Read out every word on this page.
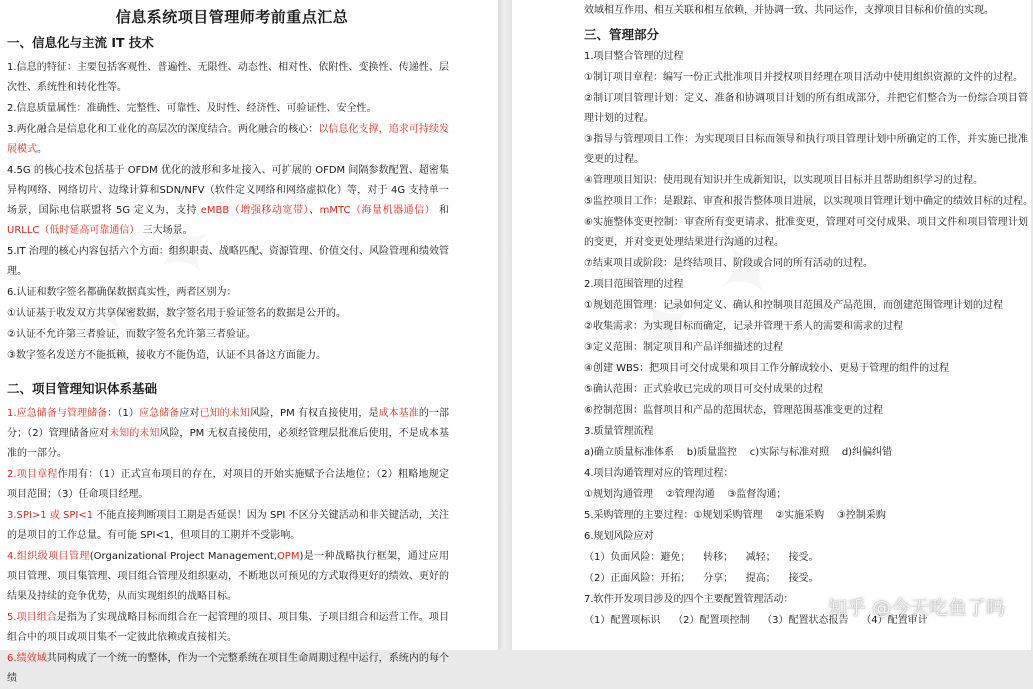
信息系统项目管理师考前重点汇总
一、信息化与主流 IT 技术
1.信息的特征：主要包括客观性、普遍性、无限性、动态性、相对性、依附性、变换性、传递性、层次性、系统性和转化性等。
2.信息质量属性：准确性、完整性、可靠性、及时性、经济性、可验证性、安全性。
3.两化融合是信息化和工业化的高层次的深度结合。两化融合的核心：以信息化支撑，追求可持续发展模式。
4.5G 的核心技术包括基于 OFDM 优化的波形和多址接入、可扩展的 OFDM 间隔参数配置、超密集异构网络、网络切片、边缘计算和SDN/NFV（软件定义网络和网络虚拟化）等，对于 4G 支持单一场景，国际电信联盟将 5G 定义为，支持 eMBB（增强移动宽带）、mMTC（海量机器通信） 和 URLLC（低时延高可靠通信） 三大场景。
5.IT 治理的核心内容包括六个方面：组织职责、战略匹配、资源管理、价值交付、风险管理和绩效管理。
6.认证和数字签名都确保数据真实性，两者区别为：
①认证基于收发双方共享保密数据，数字签名用于验证签名的数据是公开的。
②认证不允许第三者验证，而数字签名允许第三者验证。
③数字签名发送方不能抵赖，接收方不能伪造，认证不具备这方面能力。
二、项目管理知识体系基础
1.应急储备与管理储备：（1）应急储备应对已知的未知风险，PM 有权直接使用，是成本基准的一部分；（2）管理储备应对未知的未知风险，PM 无权直接使用，必须经管理层批准后使用，不是成本基准的一部分。
2.项目章程作用有：（1）正式宣布项目的存在，对项目的开始实施赋予合法地位；（2）粗略地规定项目范围；（3）任命项目经理。
3.SPI>1 或 SPI<1 不能直接判断项目工期是否延误！因为 SPI 不区分关键活动和非关键活动，关注的是项目的工作总量。有可能 SPI<1，但项目的工期并不受影响。
4.组织级项目管理(Organizational Project Management,OPM)是一种战略执行框架，通过应用项目管理、项目集管理、项目组合管理及组织驱动，不断地以可预见的方式取得更好的绩效、更好的结果及持续的竞争优势，从而实现组织的战略目标。
5.项目组合是指为了实现战略目标而组合在一起管理的项目、项目集、子项目组合和运营工作。项目组合中的项目或项目集不一定彼此依赖或直接相关。
6.绩效域共同构成了一个统一的整体，作为一个完整系统在项目生命周期过程中运行，系统内的每个绩
效域相互作用、相互关联和相互依赖，并协调一致、共同运作，支撑项目目标和价值的实现。
三、管理部分
1.项目整合管理的过程
①制订项目章程：编写一份正式批准项目并授权项目经理在项目活动中使用组织资源的文件的过程。
②制订项目管理计划：定义、准备和协调项目计划的所有组成部分，并把它们整合为一份综合项目管理计划的过程。
③指导与管理项目工作：为实现项目目标而领导和执行项目管理计划中所确定的工作，并实施已批准变更的过程。
④管理项目知识：使用现有知识并生成新知识，以实现项目目标并且帮助组织学习的过程。
⑤监控项目工作：是跟踪、审查和报告整体项目进展，以实现项目管理计划中确定的绩效目标的过程。
⑥实施整体变更控制：审查所有变更请求、批准变更，管理对可交付成果、项目文件和项目管理计划的变更，并对变更处理结果进行沟通的过程。
⑦结束项目或阶段：是终结项目、阶段或合同的所有活动的过程。
2.项目范围管理的过程
①规划范围管理：记录如何定义、确认和控制项目范围及产品范围，而创建范围管理计划的过程
②收集需求：为实现目标而确定，记录并管理干系人的需要和需求的过程
③定义范围：制定项目和产品详细描述的过程
④创建 WBS：把项目可交付成果和项目工作分解成较小、更易于管理的组件的过程
⑤确认范围：正式验收已完成的项目可交付成果的过程
⑥控制范围：监督项目和产品的范围状态，管理范围基准变更的过程
3.质量管理流程
a)确立质量标准体系    b)质量监控    c)实际与标准对照    d)纠偏纠错
4.项目沟通管理对应的管理过程：
①规划沟通管理    ②管理沟通    ③监督沟通；
5.采购管理的主要过程：①规划采购管理    ②实施采购    ③控制采购
6.规划风险应对
（1）负面风险：避免；    转移；    减轻；    接受。
（2）正面风险：开拓；    分享；    提高；    接受。
7.软件开发项目涉及的四个主要配置管理活动：
（1）配置项标识    （2）配置项控制    （3）配置状态报告    （4）配置审计
知乎 @今天吃鱼了吗
